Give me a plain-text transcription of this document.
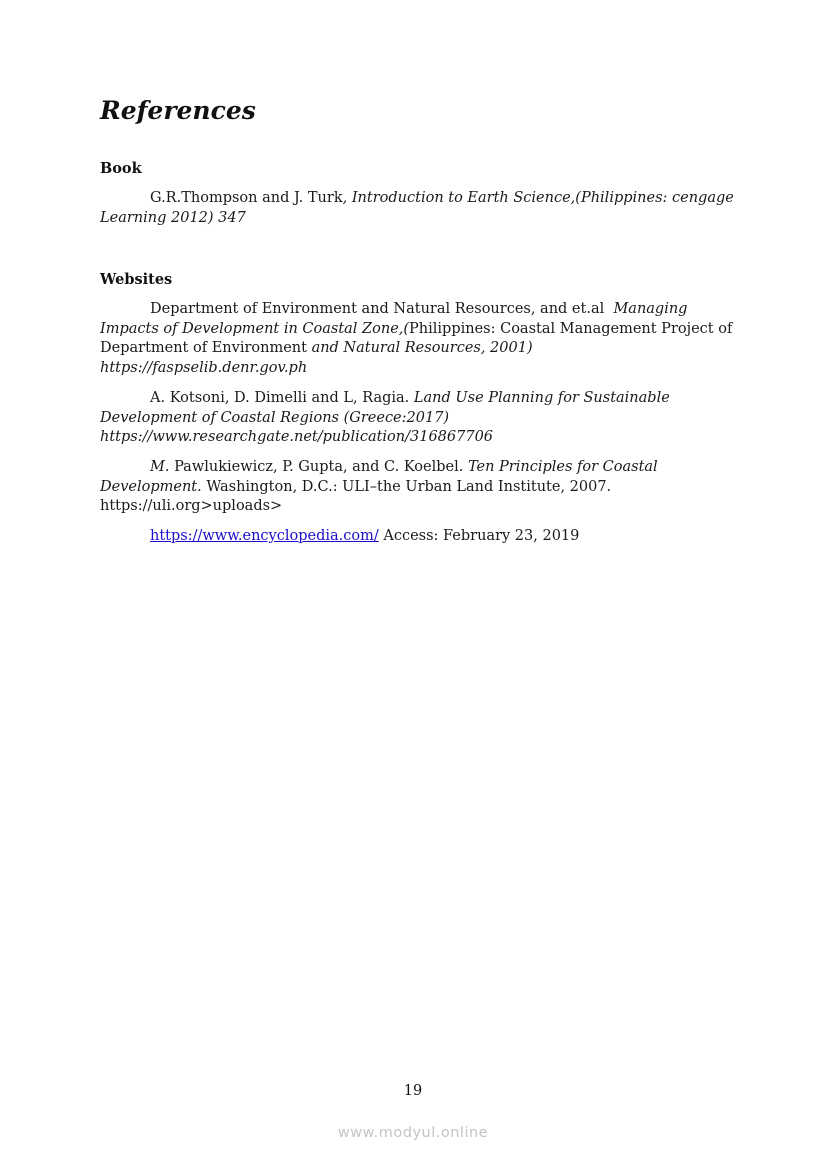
References
Book

G.R.Thompson and J. Turk, Introduction to Earth Science,(Philippines: cengage Learning 2012) 347

Websites

Department of Environment and Natural Resources, and et.al Managing Impacts of Development in Coastal Zone,(Philippines: Coastal Management Project of Department of Environment and Natural Resources, 2001) https://faspselib.denr.gov.ph

A. Kotsoni, D. Dimelli and L, Ragia. Land Use Planning for Sustainable Development of Coastal Regions (Greece:2017) https://www.researchgate.net/publication/316867706

M. Pawlukiewicz, P. Gupta, and C. Koelbel. Ten Principles for Coastal Development. Washington, D.C.: ULI–the Urban Land Institute, 2007. https://uli.org>uploads>

https://www.encyclopedia.com/ Access: February 23, 2019

19
www.modyul.online
